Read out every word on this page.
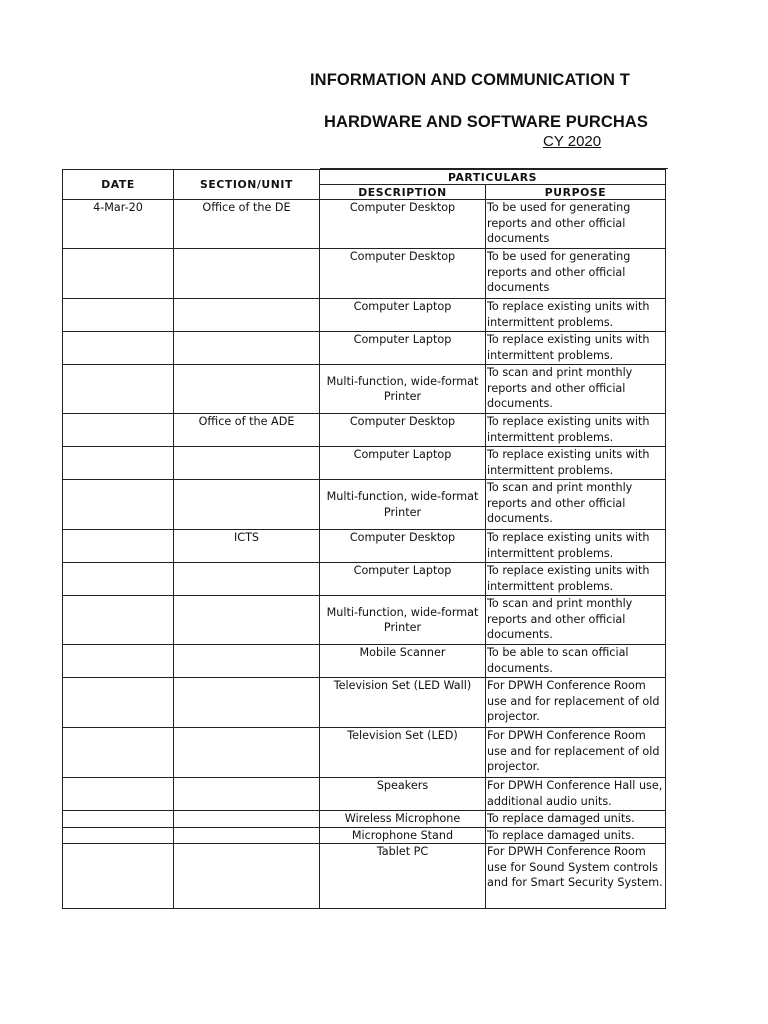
INFORMATION AND COMMUNICATION T
HARDWARE AND SOFTWARE PURCHAS
CY 2020
DATE	SECTION/UNIT	PARTICULARS	
		DESCRIPTION	PURPOSE
4-Mar-20	Office of the DE	Computer Desktop	To be used for generating reports and other official documents
		Computer Desktop	To be used for generating reports and other official documents
		Computer Laptop	To replace existing units with intermittent problems.
		Computer Laptop	To replace existing units with intermittent problems.
		Multi-function, wide-format Printer	To scan and print monthly reports and other official documents.
	Office of the ADE	Computer Desktop	To replace existing units with intermittent problems.
		Computer Laptop	To replace existing units with intermittent problems.
		Multi-function, wide-format Printer	To scan and print monthly reports and other official documents.
	ICTS	Computer Desktop	To replace existing units with intermittent problems.
		Computer Laptop	To replace existing units with intermittent problems.
		Multi-function, wide-format Printer	To scan and print monthly reports and other official documents.
		Mobile Scanner	To be able to scan official documents.
		Television Set (LED Wall)	For DPWH Conference Room use and for replacement of old projector.
		Television Set (LED)	For DPWH Conference Room use and for replacement of old projector.
		Speakers	For DPWH Conference Hall use, additional audio units.
		Wireless Microphone	To replace damaged units.
		Microphone Stand	To replace damaged units.
		Tablet PC	For DPWH Conference Room use for Sound System controls and for Smart Security System.
